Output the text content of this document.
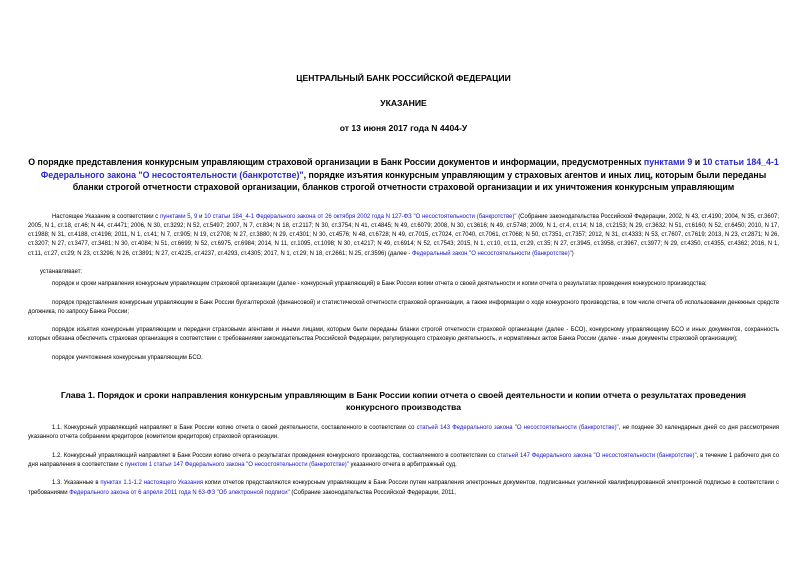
ЦЕНТРАЛЬНЫЙ БАНК РОССИЙСКОЙ ФЕДЕРАЦИИ
УКАЗАНИЕ
от 13 июня 2017 года N 4404-У
О порядке представления конкурсным управляющим страховой организации в Банк России документов и информации, предусмотренных пунктами 9 и 10 статьи 184_4-1 Федерального закона "О несостоятельности (банкротстве)", порядке изъятия конкурсным управляющим у страховых агентов и иных лиц, которым были переданы бланки строгой отчетности страховой организации, бланков строгой отчетности страховой организации и их уничтожения конкурсным управляющим
Настоящее Указание в соответствии с пунктами 5, 9 и 10 статьи 184_4-1 Федерального закона от 26 октября 2002 года N 127-ФЗ "О несостоятельности (банкротстве)" (Собрание законодательства Российской Федерации, 2002, N 43, ст.4190; 2004, N 35, ст.3607; 2005, N 1, ст.18, ст.46; N 44, ст.4471; 2006, N 30, ст.3292; N 52, ст.5497; 2007, N 7, ст.834; N 18, ст.2117; N 30, ст.3754; N 41, ст.4845; N 49, ст.6079; 2008, N 30, ст.3616; N 49, ст.5748; 2009, N 1, ст.4, ст.14; N 18, ст.2153; N 29, ст.3632; N 51, ст.6160; N 52, ст.6450; 2010, N 17, ст.1988; N 31, ст.4188, ст.4196; 2011, N 1, ст.41; N 7, ст.905; N 19, ст.2708; N 27, ст.3880; N 29, ст.4301; N 30, ст.4576; N 48, ст.6728; N 49, ст.7015, ст.7024, ст.7040, ст.7061, ст.7068; N 50, ст.7351, ст.7357; 2012, N 31, ст.4333; N 53, ст.7607, ст.7619; 2013, N 23, ст.2871; N 26, ст.3207; N 27, ст.3477, ст.3481; N 30, ст.4084; N 51, ст.6699; N 52, ст.6975, ст.6984; 2014, N 11, ст.1095, ст.1098; N 30, ст.4217; N 49, ст.6914; N 52, ст.7543; 2015, N 1, ст.10, ст.11, ст.29, ст.35; N 27, ст.3945, ст.3958, ст.3967, ст.3977; N 29, ст.4350, ст.4355, ст.4362; 2016, N 1, ст.11, ст.27, ст.29; N 23, ст.3296; N 26, ст.3891; N 27, ст.4225, ст.4237, ст.4293, ст.4305; 2017, N 1, ст.29; N 18, ст.2661; N 25, ст.3596) (далее - Федеральный закон "О несостоятельности (банкротстве)")
устанавливает:
порядок и сроки направления конкурсным управляющим страховой организации (далее - конкурсный управляющий) в Банк России копии отчета о своей деятельности и копии отчета о результатах проведения конкурсного производства;
порядок представления конкурсным управляющим в Банк России бухгалтерской (финансовой) и статистической отчетности страховой организации, а также информации о ходе конкурсного производства, в том числе отчета об использовании денежных средств должника, по запросу Банка России;
порядок изъятия конкурсным управляющим и передачи страховыми агентами и иными лицами, которым были переданы бланки строгой отчетности страховой организации (далее - БСО), конкурсному управляющему БСО и иных документов, сохранность которых обязана обеспечить страховая организация в соответствии с требованиями законодательства Российской Федерации, регулирующего страховую деятельность, и нормативных актов Банка России (далее - иные документы страховой организации);
порядок уничтожения конкурсным управляющим БСО.
Глава 1. Порядок и сроки направления конкурсным управляющим в Банк России копии отчета о своей деятельности и копии отчета о результатах проведения конкурсного производства
1.1. Конкурсный управляющий направляет в Банк России копию отчета о своей деятельности, составленного в соответствии со статьей 143 Федерального закона "О несостоятельности (банкротстве)", не позднее 30 календарных дней со дня рассмотрения указанного отчета собранием кредиторов (комитетом кредиторов) страховой организации.
1.2. Конкурсный управляющий направляет в Банк России копию отчета о результатах проведения конкурсного производства, составляемого в соответствии со статьей 147 Федерального закона "О несостоятельности (банкротстве)", в течение 1 рабочего дня со дня направления в соответствии с пунктом 1 статьи 147 Федерального закона "О несостоятельности (банкротстве)" указанного отчета в арбитражный суд.
1.3. Указанные в пунктах 1.1-1.2 настоящего Указания копии отчетов представляются конкурсным управляющим в Банк России путем направления электронных документов, подписанных усиленной квалифицированной электронной подписью в соответствии с требованиями Федерального закона от 6 апреля 2011 года N 63-ФЗ "Об электронной подписи" (Собрание законодательства Российской Федерации, 2011,
